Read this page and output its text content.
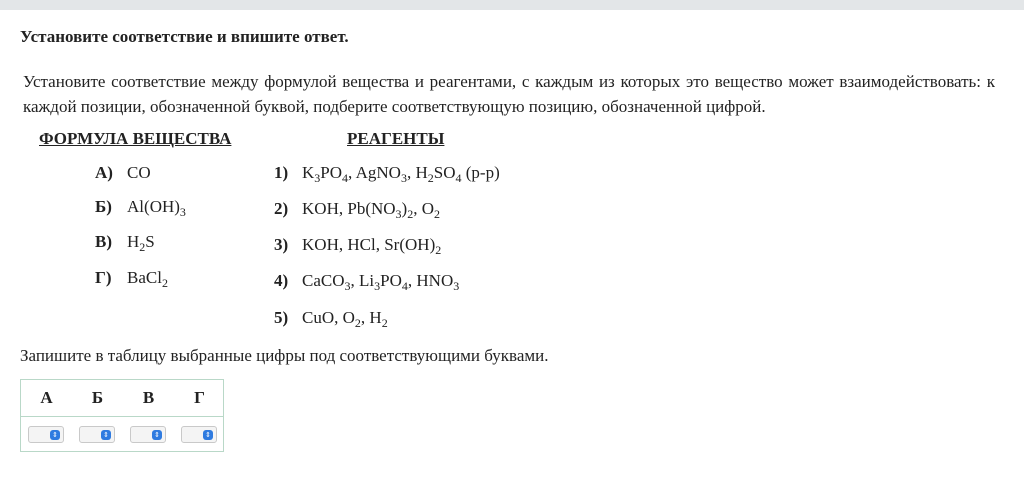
Установите соответствие и впишите ответ.
Установите соответствие между формулой вещества и реагентами, с каждым из которых это вещество может взаимодействовать: к каждой позиции, обозначенной буквой, подберите соответствующую позицию, обозначенной цифрой.
ФОРМУЛА ВЕЩЕСТВА	РЕАГЕНТЫ
А) CO
Б) $Al(OH)_3$
В) $H_2S$
Г) BaCl$_2$
1) $K_3PO_4$, AgNO$_3$, $H_2SO_4$ (р-р)
2) KOH, $Pb(NO_3)_2$, $O_2$
3) KOH, HCl, $Sr(OH)_2$
4) CaCO$_3$, $Li_3PO_4$, $HNO_3$
5) CuO, $O_2$, $H_2$
Запишите в таблицу выбранные цифры под соответствующими буквами.
А	Б	В	Г
⇕	⇕	⇕	⇕
